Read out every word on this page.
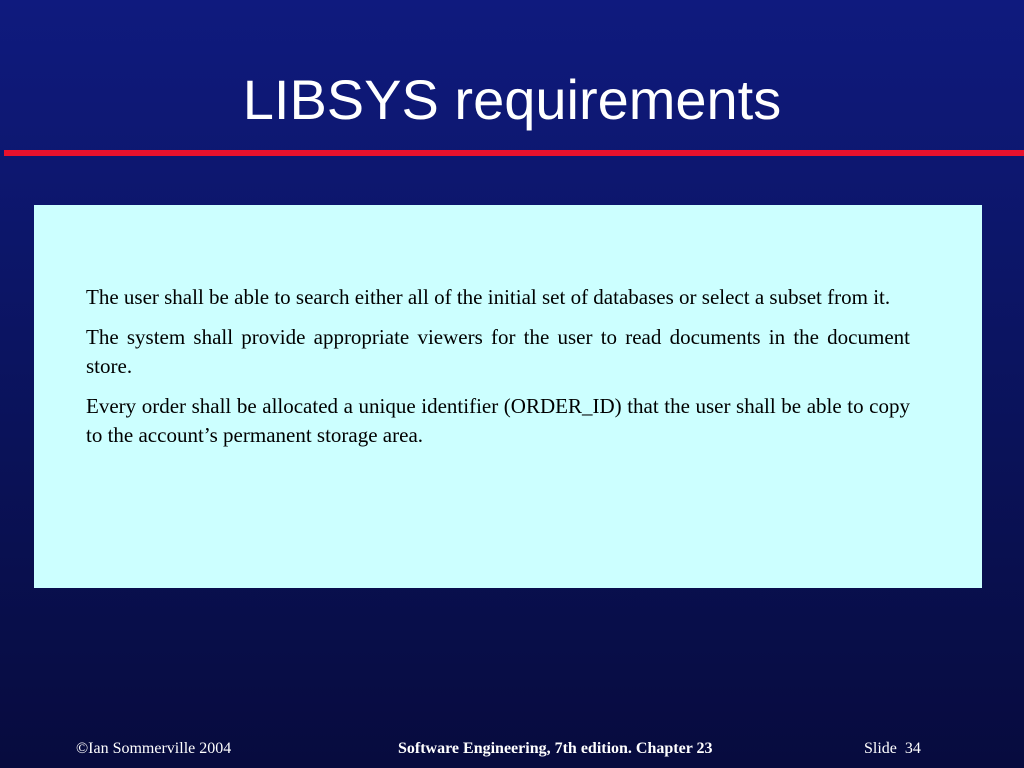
LIBSYS requirements

The user shall be able to search either all of the initial set of databases or select a subset from it.

The system shall provide appropriate viewers for the user to read documents in the document store.

Every order shall be allocated a unique identifier (ORDER_ID) that the user shall be able to copy to the account’s permanent storage area.

©Ian Sommerville 2004	Software Engineering, 7th edition. Chapter 23	Slide  34
